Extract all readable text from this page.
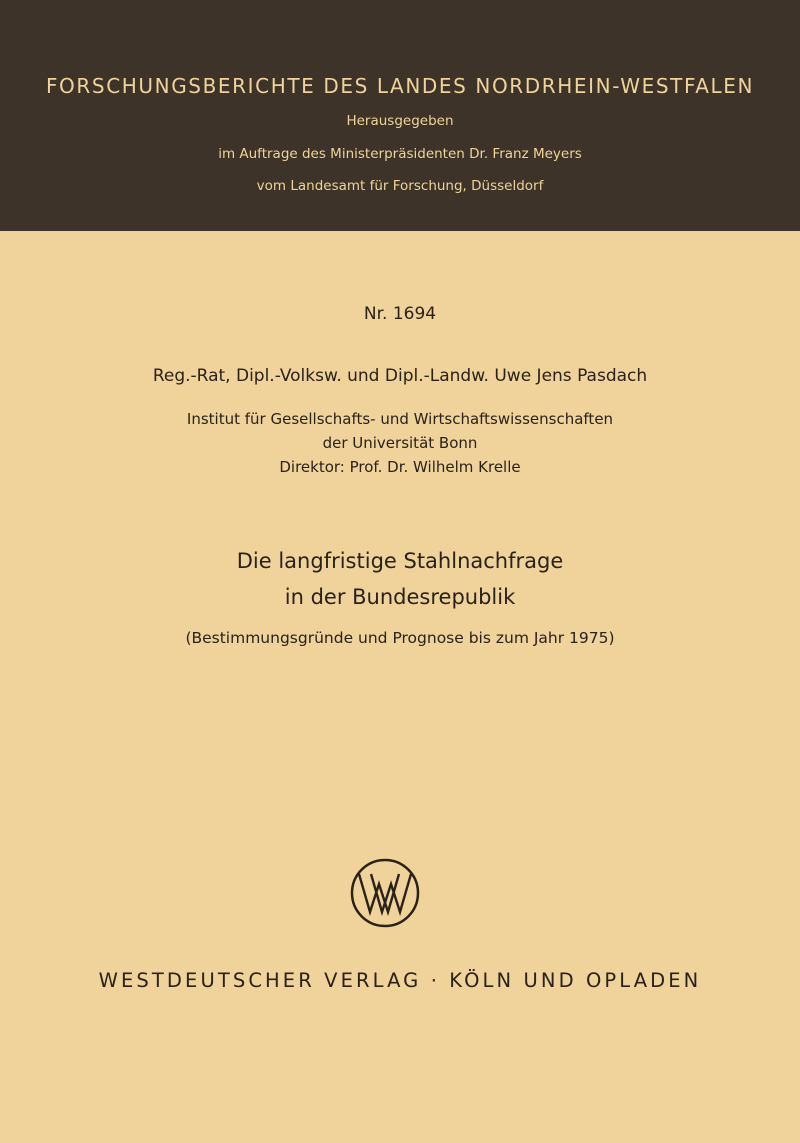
FORSCHUNGSBERICHTE DES LANDES NORDRHEIN-WESTFALEN
Herausgegeben
im Auftrage des Ministerpräsidenten Dr. Franz Meyers
vom Landesamt für Forschung, Düsseldorf
Nr. 1694
Reg.-Rat, Dipl.-Volksw. und Dipl.-Landw. Uwe Jens Pasdach
Institut für Gesellschafts- und Wirtschaftswissenschaften
der Universität Bonn
Direktor: Prof. Dr. Wilhelm Krelle
Die langfristige Stahlnachfrage
in der Bundesrepublik
(Bestimmungsgründe und Prognose bis zum Jahr 1975)
WESTDEUTSCHER VERLAG · KÖLN UND OPLADEN
